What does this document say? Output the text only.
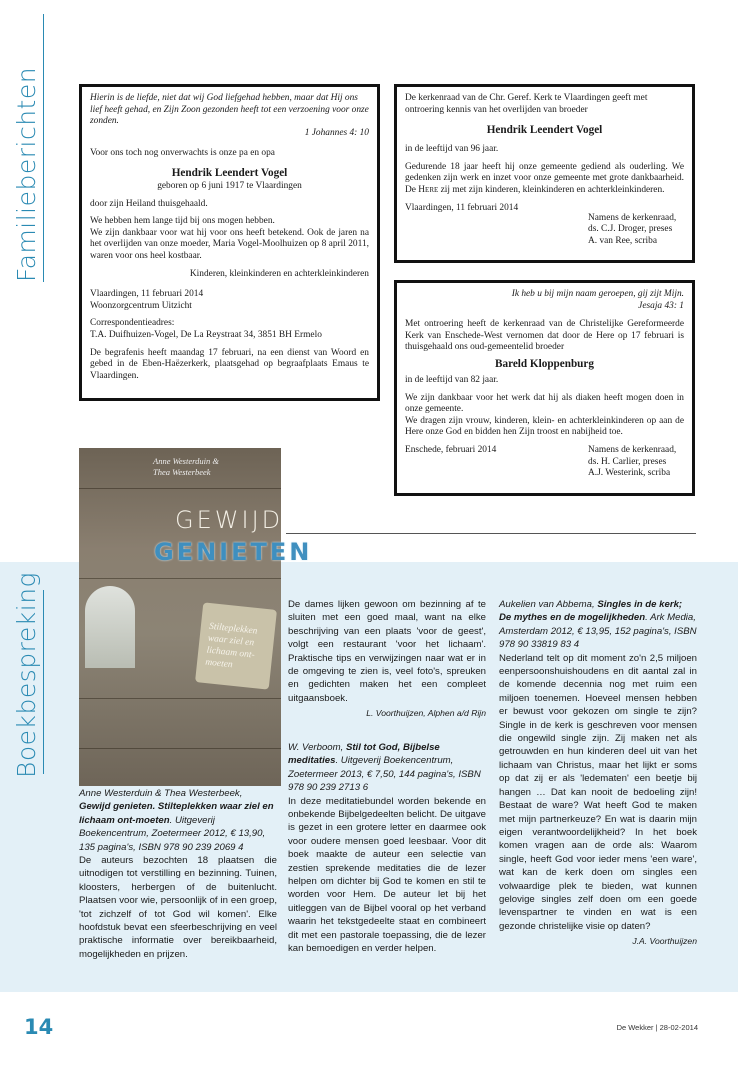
Familieberichten	Hierin is de liefde, niet dat wij God liefgehad hebben, maar dat Hij ons lief heeft gehad, en Zijn Zoon gezonden heeft tot een verzoening voor onze zonden.

1 Johannes 4: 10

Voor ons toch nog onverwachts is onze pa en opa

Hendrik Leendert Vogel

geboren op 6 juni 1917 te Vlaardingen

door zijn Heiland thuisgehaald.

We hebben hem lange tijd bij ons mogen hebben.

We zijn dankbaar voor wat hij voor ons heeft betekend. Ook de jaren na het overlijden van onze moeder, Maria Vogel-Moolhuizen op 8 april 2011, waren voor ons heel kostbaar.

Kinderen, kleinkinderen en achterkleinkinderen

Vlaardingen, 11 februari 2014

Woonzorgcentrum Uitzicht

Correspondentieadres:

T.A. Duifhuizen-Vogel, De La Reystraat 34, 3851 BH Ermelo

De begrafenis heeft maandag 17 februari, na een dienst van Woord en gebed in de Eben-Haëzerkerk, plaatsgehad op begraafplaats Emaus te Vlaardingen.

De kerkenraad van de Chr. Geref. Kerk te Vlaardingen geeft met ontroering kennis van het overlijden van broeder

Hendrik Leendert Vogel

in de leeftijd van 96 jaar.

Gedurende 18 jaar heeft hij onze gemeente gediend als ouderling. We gedenken zijn werk en inzet voor onze gemeente met grote dankbaarheid. De Here zij met zijn kinderen, kleinkinderen en achterkleinkinderen.

Vlaardingen, 11 februari 2014

Namens de kerkenraad,

ds. C.J. Droger, preses

A. van Ree, scriba

Ik heb u bij mijn naam geroepen, gij zijt Mijn.

Jesaja 43: 1

Met ontroering heeft de kerkenraad van de Christelijke Gereformeerde Kerk van Enschede-West vernomen dat door de Here op 17 februari is thuisgehaald ons oud-gemeentelid broeder

Bareld Kloppenburg

in de leeftijd van 82 jaar.

We zijn dankbaar voor het werk dat hij als diaken heeft mogen doen in onze gemeente.

We dragen zijn vrouw, kinderen, klein- en achterkleinkinderen op aan de Here onze God en bidden hen Zijn troost en nabijheid toe.

Enschede, februari 2014	Namens de kerkenraad,

ds. H. Carlier, preses

A.J. Westerink, scriba

Boekbespreking
Anne Westerduin &
Thea Westerbeek
GEWIJD
GENIETEN
Stilteplekken waar ziel en lichaam ont-moeten

Anne Westerduin & Thea Westerbeek,
Gewijd genieten. Stilteplekken waar ziel en lichaam ont-moeten. Uitgeverij Boekencentrum, Zoetermeer 2012, € 13,90, 135 pagina's, ISBN 978 90 239 2069 4

De auteurs bezochten 18 plaatsen die uitnodigen tot verstilling en bezinning. Tuinen, kloosters, herbergen of de buitenlucht. Plaatsen voor wie, persoonlijk of in een groep, 'tot zichzelf of tot God wil komen'. Elke hoofdstuk bevat een sfeerbeschrijving en veel praktische informatie over bereikbaarheid, mogelijkheden en prijzen.

De dames lijken gewoon om bezinning af te sluiten met een goed maal, want na elke beschrijving van een plaats 'voor de geest', volgt een restaurant 'voor het lichaam'. Praktische tips en verwijzingen naar wat er in de omgeving te zien is, veel foto's, spreuken en gedichten maken het een compleet uitgaansboek.

L. Voorthuijzen, Alphen a/d Rijn

W. Verboom, Stil tot God, Bijbelse meditaties. Uitgeverij Boekencentrum, Zoetermeer 2013, € 7,50, 144 pagina's, ISBN 978 90 239 2713 6

In deze meditatiebundel worden bekende en onbekende Bijbelgedeelten belicht. De uitgave is gezet in een grotere letter en daarmee ook voor oudere mensen goed leesbaar. Voor dit boek maakte de auteur een selectie van zestien sprekende meditaties die de lezer helpen om dichter bij God te komen en stil te worden voor Hem. De auteur let bij het uitleggen van de Bijbel vooral op het verband waarin het tekstgedeelte staat en combineert dit met een pastorale toepassing, die de lezer kan bemoedigen en verder helpen.

Aukelien van Abbema, Singles in de kerk; De mythes en de mogelijkheden. Ark Media, Amsterdam 2012, € 13,95, 152 pagina's, ISBN 978 90 33819 83 4

Nederland telt op dit moment zo'n 2,5 miljoen eenpersoonshuishoudens en dit aantal zal in de komende decennia nog met ruim een miljoen toenemen. Hoeveel mensen hebben er bewust voor gekozen om single te zijn? Single in de kerk is geschreven voor mensen die ongewild single zijn. Zij maken net als getrouwden en hun kinderen deel uit van het lichaam van Christus, maar het lijkt er soms op dat zij er als 'ledematen' een beetje bij hangen … Dat kan nooit de bedoeling zijn! Bestaat de ware? Wat heeft God te maken met mijn partnerkeuze? En wat is daarin mijn eigen verantwoordelijkheid? In het boek komen vragen aan de orde als: Waarom single, heeft God voor ieder mens 'een ware', wat kan de kerk doen om singles een volwaardige plek te bieden, wat kunnen gelovige singles zelf doen om een goede levenspartner te vinden en wat is een gezonde christelijke visie op daten?

J.A. Voorthuijzen

14	De Wekker | 28-02-2014
